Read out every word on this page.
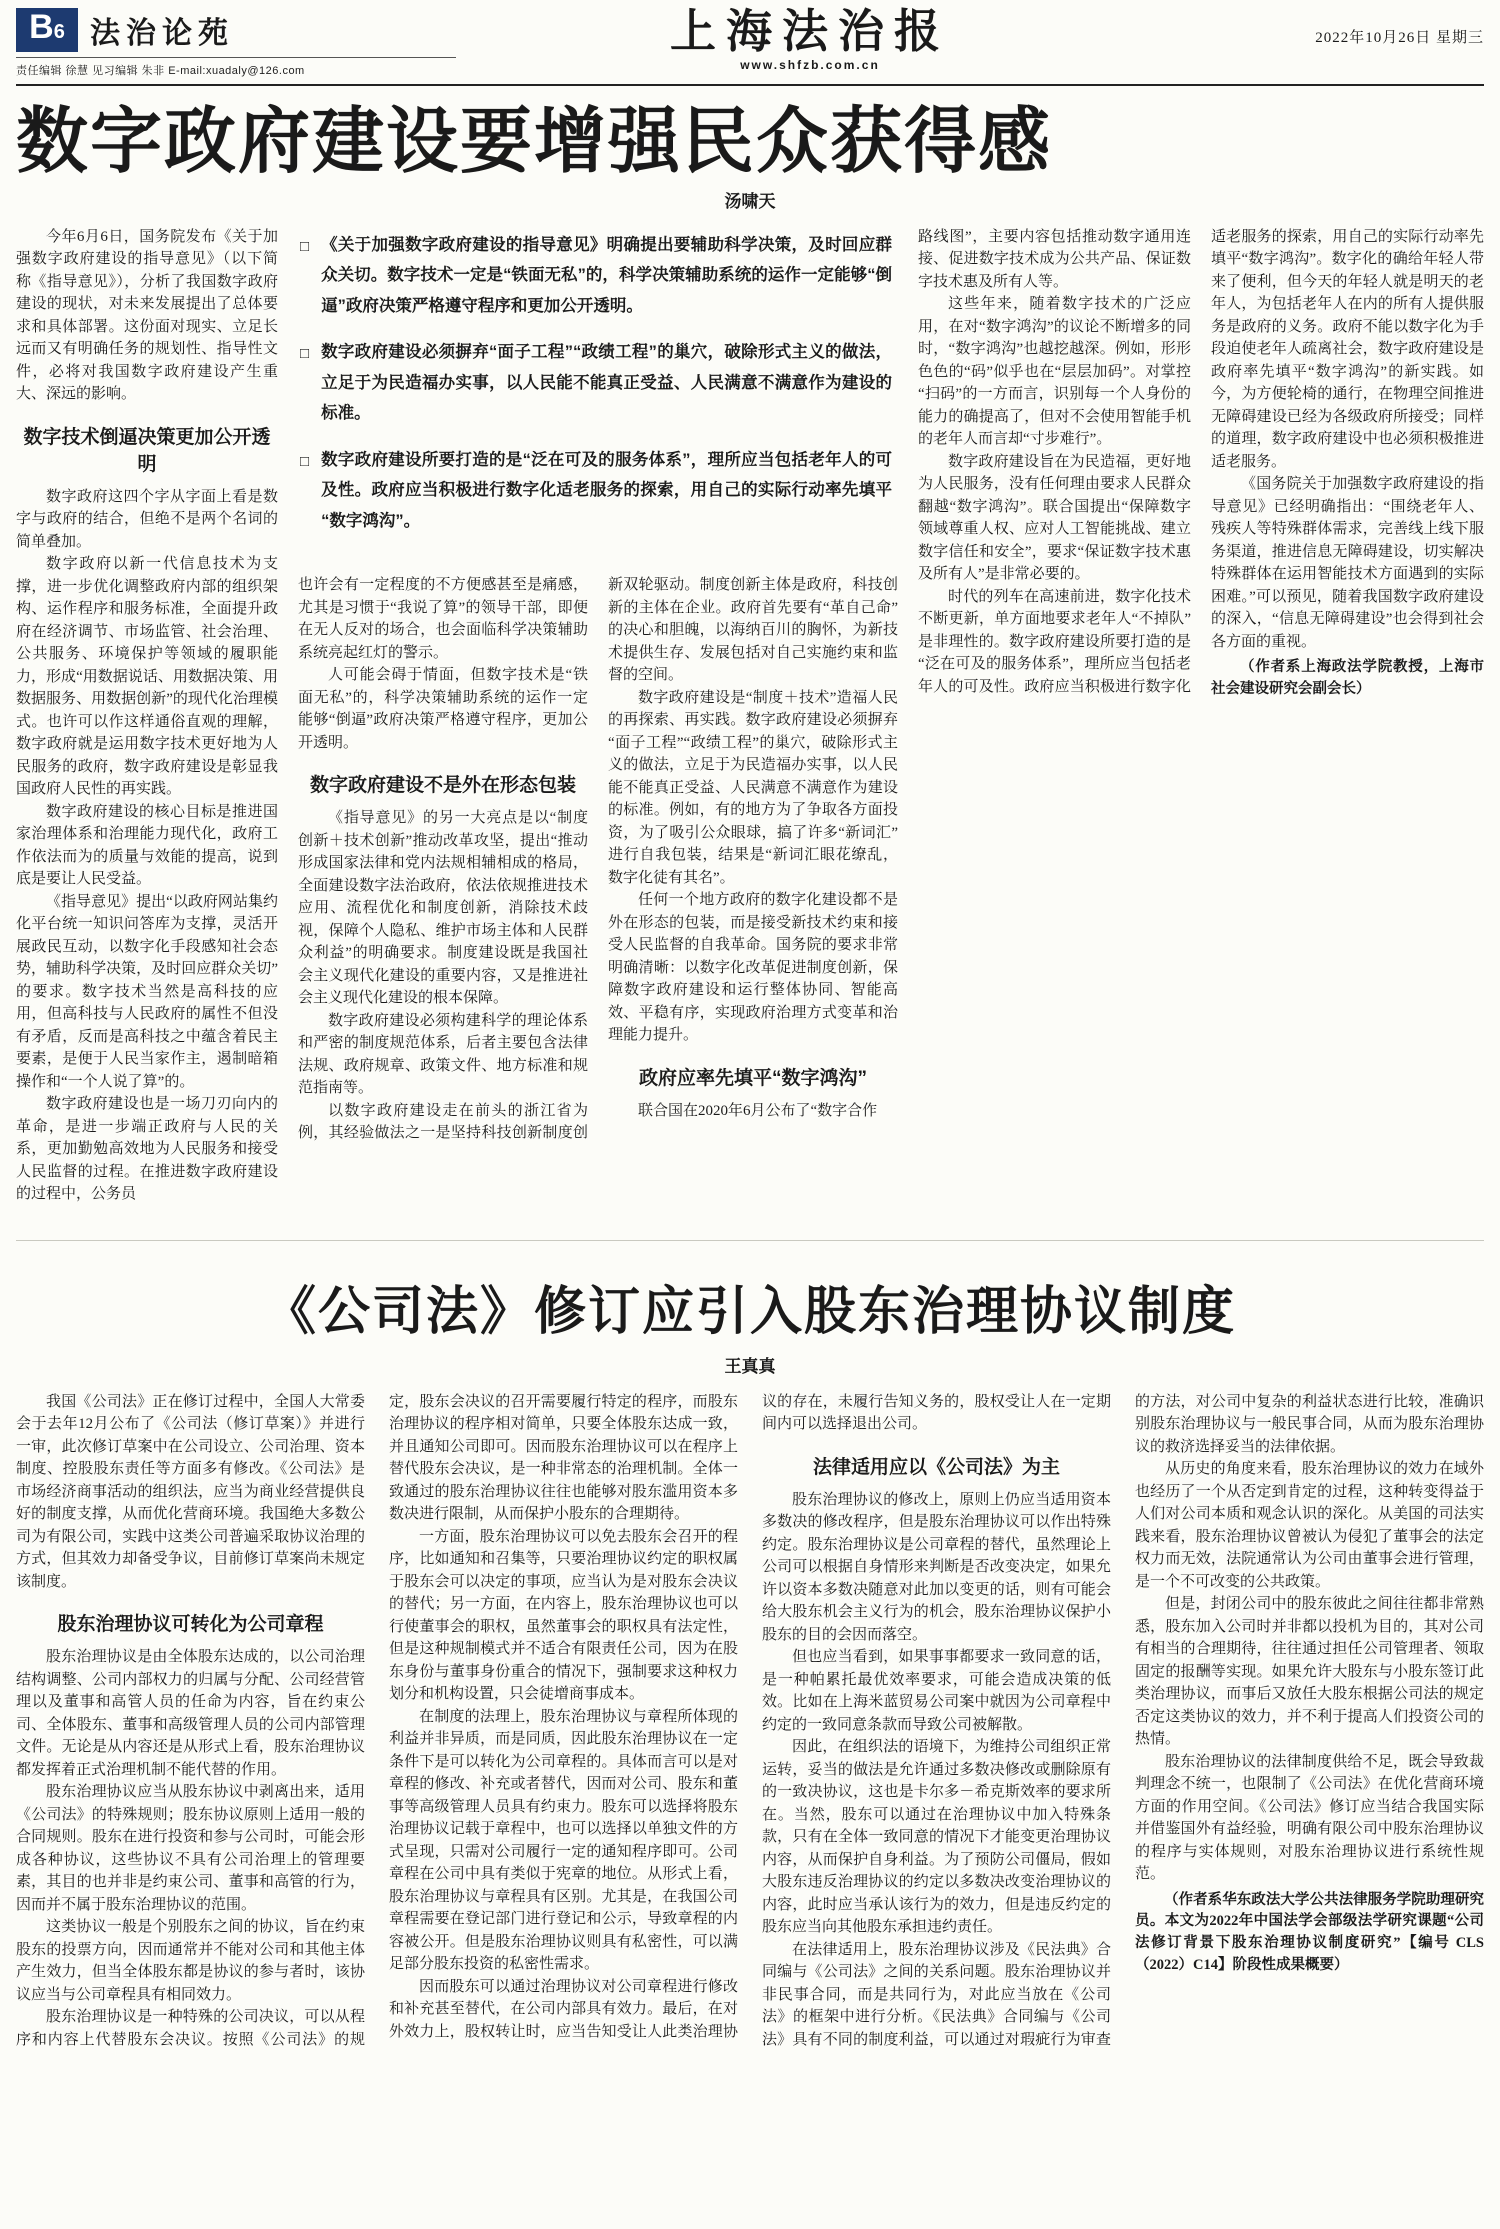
B 6 法治论苑
责任编辑 徐慧 见习编辑 朱非 E-mail:xuadaly@126.com
上海法治报
www.shfzb.com.cn
2022年10月26日 星期三
数字政府建设要增强民众获得感
汤啸天

今年6月6日，国务院发布《关于加强数字政府建设的指导意见》（以下简称《指导意见》），分析了我国数字政府建设的现状，对未来发展提出了总体要求和具体部署。这份面对现实、立足长远而又有明确任务的规划性、指导性文件，必将对我国数字政府建设产生重大、深远的影响。

数字技术倒逼决策更加公开透明

数字政府这四个字从字面上看是数字与政府的结合，但绝不是两个名词的简单叠加。

数字政府以新一代信息技术为支撑，进一步优化调整政府内部的组织架构、运作程序和服务标准，全面提升政府在经济调节、市场监管、社会治理、公共服务、环境保护等领域的履职能力，形成“用数据说话、用数据决策、用数据服务、用数据创新”的现代化治理模式。也许可以作这样通俗直观的理解，数字政府就是运用数字技术更好地为人民服务的政府，数字政府建设是彰显我国政府人民性的再实践。

数字政府建设的核心目标是推进国家治理体系和治理能力现代化，政府工作依法而为的质量与效能的提高，说到底是要让人民受益。

《指导意见》提出“以政府网站集约化平台统一知识问答库为支撑，灵活开展政民互动，以数字化手段感知社会态势，辅助科学决策，及时回应群众关切”的要求。数字技术当然是高科技的应用，但高科技与人民政府的属性不但没有矛盾，反而是高科技之中蕴含着民主要素，是便于人民当家作主，遏制暗箱操作和“一个人说了算”的。

数字政府建设也是一场刀刃向内的革命，是进一步端正政府与人民的关系，更加勤勉高效地为人民服务和接受人民监督的过程。在推进数字政府建设的过程中，公务员

□ 《关于加强数字政府建设的指导意见》明确提出要辅助科学决策，及时回应群众关切。数字技术一定是“铁面无私”的，科学决策辅助系统的运作一定能够“倒逼”政府决策严格遵守程序和更加公开透明。
□ 数字政府建设必须摒弃“面子工程”“政绩工程”的巢穴，破除形式主义的做法，立足于为民造福办实事，以人民能不能真正受益、人民满意不满意作为建设的标准。
□ 数字政府建设所要打造的是“泛在可及的服务体系”，理所应当包括老年人的可及性。政府应当积极进行数字化适老服务的探索，用自己的实际行动率先填平“数字鸿沟”。

也许会有一定程度的不方便感甚至是痛感，尤其是习惯于“我说了算”的领导干部，即便在无人反对的场合，也会面临科学决策辅助系统亮起红灯的警示。

人可能会碍于情面，但数字技术是“铁面无私”的，科学决策辅助系统的运作一定能够“倒逼”政府决策严格遵守程序，更加公开透明。

数字政府建设不是外在形态包装

《指导意见》的另一大亮点是以“制度创新＋技术创新”推动改革攻坚，提出“推动形成国家法律和党内法规相辅相成的格局，全面建设数字法治政府，依法依规推进技术应用、流程优化和制度创新，消除技术歧视，保障个人隐私、维护市场主体和人民群众利益”的明确要求。制度建设既是我国社会主义现代化建设的重要内容，又是推进社会主义现代化建设的根本保障。

数字政府建设必须构建科学的理论体系和严密的制度规范体系，后者主要包含法律法规、政府规章、政策文件、地方标准和规范指南等。

以数字政府建设走在前头的浙江省为例，其经验做法之一是坚持科技创新制度创新双轮驱动。制度创新主体是政府，科技创新的主体在企业。政府首先要有“革自己命”的决心和胆魄，以海纳百川的胸怀，为新技术提供生存、发展包括对自己实施约束和监督的空间。

数字政府建设是“制度＋技术”造福人民的再探索、再实践。数字政府建设必须摒弃“面子工程”“政绩工程”的巢穴，破除形式主义的做法，立足于为民造福办实事，以人民能不能真正受益、人民满意不满意作为建设的标准。例如，有的地方为了争取各方面投资，为了吸引公众眼球，搞了许多“新词汇”进行自我包装，结果是“新词汇眼花缭乱，数字化徒有其名”。

任何一个地方政府的数字化建设都不是外在形态的包装，而是接受新技术约束和接受人民监督的自我革命。国务院的要求非常明确清晰：以数字化改革促进制度创新，保障数字政府建设和运行整体协同、智能高效、平稳有序，实现政府治理方式变革和治理能力提升。

政府应率先填平“数字鸿沟”

联合国在2020年6月公布了“数字合作

路线图”，主要内容包括推动数字通用连接、促进数字技术成为公共产品、保证数字技术惠及所有人等。

这些年来，随着数字技术的广泛应用，在对“数字鸿沟”的议论不断增多的同时，“数字鸿沟”也越挖越深。例如，形形色色的“码”似乎也在“层层加码”。对掌控“扫码”的一方而言，识别每一个人身份的能力的确提高了，但对不会使用智能手机的老年人而言却“寸步难行”。

数字政府建设旨在为民造福，更好地为人民服务，没有任何理由要求人民群众翻越“数字鸿沟”。联合国提出“保障数字领域尊重人权、应对人工智能挑战、建立数字信任和安全”，要求“保证数字技术惠及所有人”是非常必要的。

时代的列车在高速前进，数字化技术不断更新，单方面地要求老年人“不掉队”是非理性的。数字政府建设所要打造的是“泛在可及的服务体系”，理所应当包括老年人的可及性。政府应当积极进行数字化适老服务的探索，用自己的实际行动率先填平“数字鸿沟”。数字化的确给年轻人带来了便利，但今天的年轻人就是明天的老年人，为包括老年人在内的所有人提供服务是政府的义务。政府不能以数字化为手段迫使老年人疏离社会，数字政府建设是政府率先填平“数字鸿沟”的新实践。如今，为方便轮椅的通行，在物理空间推进无障碍建设已经为各级政府所接受；同样的道理，数字政府建设中也必须积极推进适老服务。

《国务院关于加强数字政府建设的指导意见》已经明确指出：“围绕老年人、残疾人等特殊群体需求，完善线上线下服务渠道，推进信息无障碍建设，切实解决特殊群体在运用智能技术方面遇到的实际困难。”可以预见，随着我国数字政府建设的深入，“信息无障碍建设”也会得到社会各方面的重视。

（作者系上海政法学院教授，上海市社会建设研究会副会长）

《公司法》修订应引入股东治理协议制度
王真真

我国《公司法》正在修订过程中，全国人大常委会于去年12月公布了《公司法（修订草案）》并进行一审，此次修订草案中在公司设立、公司治理、资本制度、控股股东责任等方面多有修改。《公司法》是市场经济商事活动的组织法，应当为商业经营提供良好的制度支撑，从而优化营商环境。我国绝大多数公司为有限公司，实践中这类公司普遍采取协议治理的方式，但其效力却备受争议，目前修订草案尚未规定该制度。

股东治理协议可转化为公司章程

股东治理协议是由全体股东达成的，以公司治理结构调整、公司内部权力的归属与分配、公司经营管理以及董事和高管人员的任命为内容，旨在约束公司、全体股东、董事和高级管理人员的公司内部管理文件。无论是从内容还是从形式上看，股东治理协议都发挥着正式治理机制不能代替的作用。

股东治理协议应当从股东协议中剥离出来，适用《公司法》的特殊规则；股东协议原则上适用一般的合同规则。股东在进行投资和参与公司时，可能会形成各种协议，这些协议不具有公司治理上的管理要素，其目的也并非是约束公司、董事和高管的行为，因而并不属于股东治理协议的范围。

这类协议一般是个别股东之间的协议，旨在约束股东的投票方向，因而通常并不能对公司和其他主体产生效力，但当全体股东都是协议的参与者时，该协议应当与公司章程具有相同效力。

股东治理协议是一种特殊的公司决议，可以从程序和内容上代替股东会决议。按照《公司法》的规定，股东会决议的召开需要履行特定的程序，而股东治理协议的程序相对简单，只要全体股东达成一致，并且通知公司即可。因而股东治理协议可以在程序上替代股东会决议，是一种非常态的治理机制。全体一致通过的股东治理协议往往也能够对股东滥用资本多数决进行限制，从而保护小股东的合理期待。

一方面，股东治理协议可以免去股东会召开的程序，比如通知和召集等，只要治理协议约定的职权属于股东会可以决定的事项，应当认为是对股东会决议的替代；另一方面，在内容上，股东治理协议也可以行使董事会的职权，虽然董事会的职权具有法定性，但是这种规制模式并不适合有限责任公司，因为在股东身份与董事身份重合的情况下，强制要求这种权力划分和机构设置，只会徒增商事成本。

在制度的法理上，股东治理协议与章程所体现的利益并非异质，而是同质，因此股东治理协议在一定条件下是可以转化为公司章程的。具体而言可以是对章程的修改、补充或者替代，因而对公司、股东和董事等高级管理人员具有约束力。股东可以选择将股东治理协议记载于章程中，也可以选择以单独文件的方式呈现，只需对公司履行一定的通知程序即可。公司章程在公司中具有类似于宪章的地位。从形式上看，股东治理协议与章程具有区别。尤其是，在我国公司章程需要在登记部门进行登记和公示，导致章程的内容被公开。但是股东治理协议则具有私密性，可以满足部分股东投资的私密性需求。

因而股东可以通过治理协议对公司章程进行修改和补充甚至替代，在公司内部具有效力。最后，在对外效力上，股权转让时，应当告知受让人此类治理协议的存在，未履行告知义务的，股权受让人在一定期间内可以选择退出公司。

法律适用应以《公司法》为主

股东治理协议的修改上，原则上仍应当适用资本多数决的修改程序，但是股东治理协议可以作出特殊约定。股东治理协议是公司章程的替代，虽然理论上公司可以根据自身情形来判断是否改变决定，如果允许以资本多数决随意对此加以变更的话，则有可能会给大股东机会主义行为的机会，股东治理协议保护小股东的目的会因而落空。

但也应当看到，如果事事都要求一致同意的话，是一种帕累托最优效率要求，可能会造成决策的低效。比如在上海米蓝贸易公司案中就因为公司章程中约定的一致同意条款而导致公司被解散。

因此，在组织法的语境下，为维持公司组织正常运转，妥当的做法是允许通过多数决修改或删除原有的一致决协议，这也是卡尔多－希克斯效率的要求所在。当然，股东可以通过在治理协议中加入特殊条款，只有在全体一致同意的情况下才能变更治理协议内容，从而保护自身利益。为了预防公司僵局，假如大股东违反治理协议的约定以多数决改变治理协议的内容，此时应当承认该行为的效力，但是违反约定的股东应当向其他股东承担违约责任。

在法律适用上，股东治理协议涉及《民法典》合同编与《公司法》之间的关系问题。股东治理协议并非民事合同，而是共同行为，对此应当放在《公司法》的框架中进行分析。《民法典》合同编与《公司法》具有不同的制度利益，可以通过对瑕疵行为审查的方法，对公司中复杂的利益状态进行比较，准确识别股东治理协议与一般民事合同，从而为股东治理协议的救济选择妥当的法律依据。

从历史的角度来看，股东治理协议的效力在域外也经历了一个从否定到肯定的过程，这种转变得益于人们对公司本质和观念认识的深化。从美国的司法实践来看，股东治理协议曾被认为侵犯了董事会的法定权力而无效，法院通常认为公司由董事会进行管理，是一个不可改变的公共政策。

但是，封闭公司中的股东彼此之间往往都非常熟悉，股东加入公司时并非都以投机为目的，其对公司有相当的合理期待，往往通过担任公司管理者、领取固定的报酬等实现。如果允许大股东与小股东签订此类治理协议，而事后又放任大股东根据公司法的规定否定这类协议的效力，并不利于提高人们投资公司的热情。

股东治理协议的法律制度供给不足，既会导致裁判理念不统一，也限制了《公司法》在优化营商环境方面的作用空间。《公司法》修订应当结合我国实际并借鉴国外有益经验，明确有限公司中股东治理协议的程序与实体规则，对股东治理协议进行系统性规范。

（作者系华东政法大学公共法律服务学院助理研究员。本文为2022年中国法学会部级法学研究课题“公司法修订背景下股东治理协议制度研究”【编号 CLS（2022）C14】阶段性成果概要）
